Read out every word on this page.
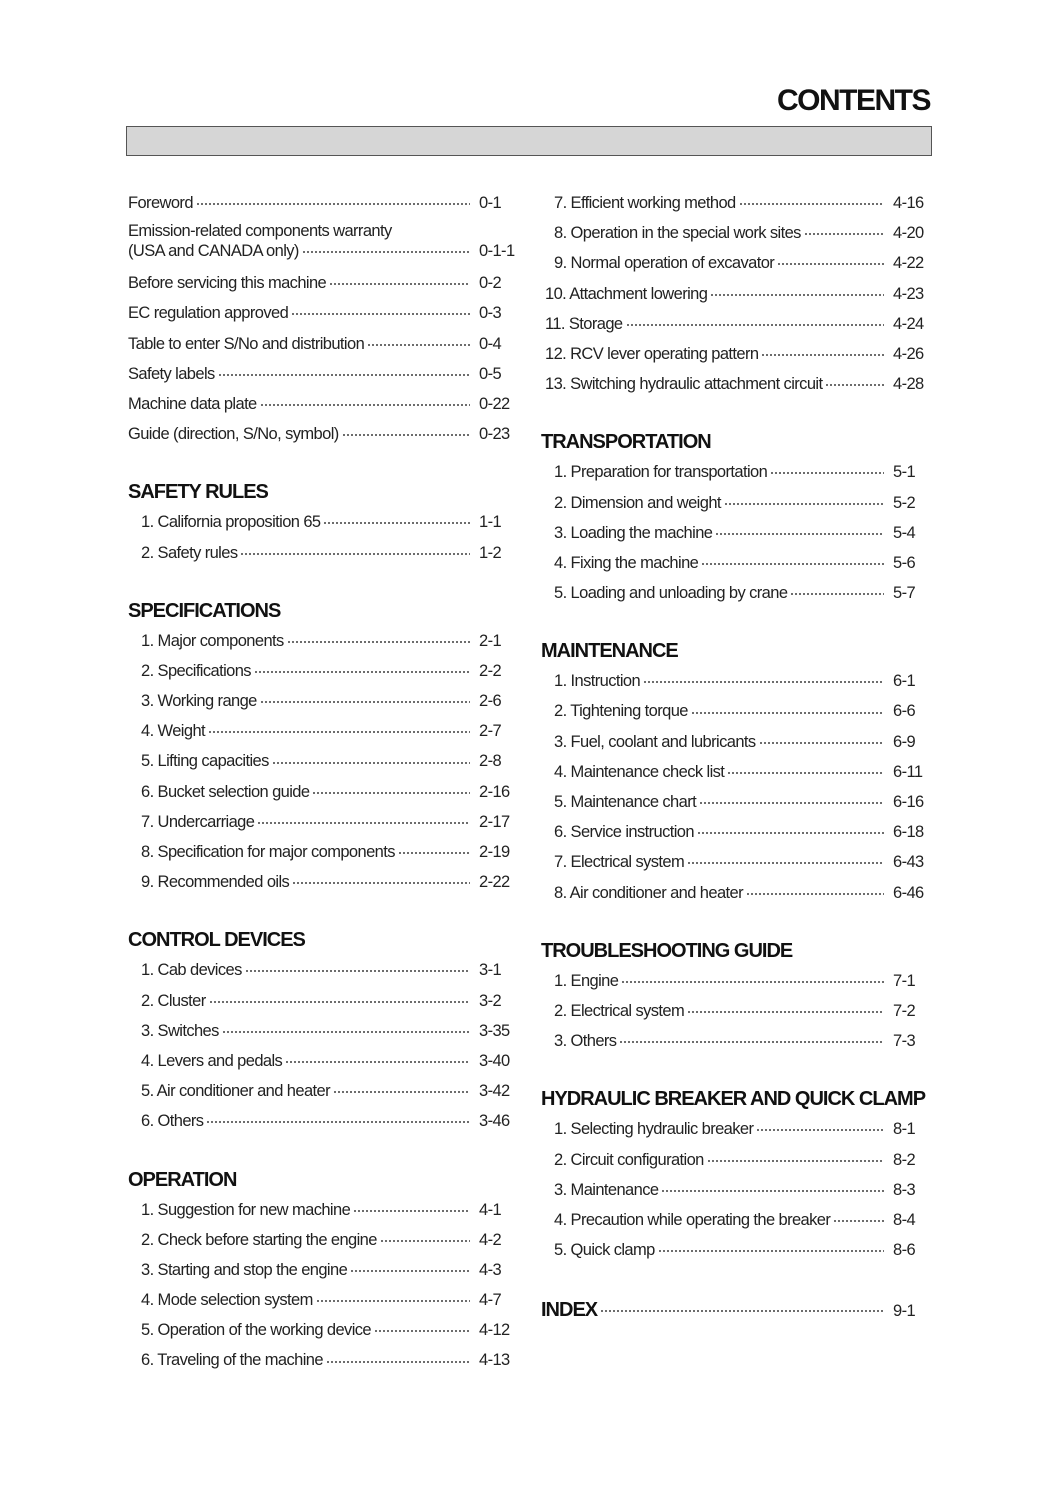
CONTENTS
Foreword	0-1
Emission-related components warranty
(USA and CANADA only)	0-1-1
Before servicing this machine	0-2
EC regulation approved	0-3
Table to enter S/No and distribution	0-4
Safety labels	0-5
Machine data plate	0-22
Guide (direction, S/No, symbol)	0-23
SAFETY RULES
1. California proposition 65	1-1
2. Safety rules	1-2
SPECIFICATIONS
1. Major components	2-1
2. Specifications	2-2
3. Working range	2-6
4. Weight	2-7
5. Lifting capacities	2-8
6. Bucket selection guide	2-16
7. Undercarriage	2-17
8. Specification for major components	2-19
9. Recommended oils	2-22
CONTROL DEVICES
1. Cab devices	3-1
2. Cluster	3-2
3. Switches	3-35
4. Levers and pedals	3-40
5. Air conditioner and heater	3-42
6. Others	3-46
OPERATION
1. Suggestion for new machine	4-1
2. Check before starting the engine	4-2
3. Starting and stop the engine	4-3
4. Mode selection system	4-7
5. Operation of the working device	4-12
6. Traveling of the machine	4-13
7. Efficient working method	4-16
8. Operation in the special work sites	4-20
9. Normal operation of excavator	4-22
10. Attachment lowering	4-23
11. Storage	4-24
12. RCV lever operating pattern	4-26
13. Switching hydraulic attachment circuit	4-28
TRANSPORTATION
1. Preparation for transportation	5-1
2. Dimension and weight	5-2
3. Loading the machine	5-4
4. Fixing the machine	5-6
5. Loading and unloading by crane	5-7
MAINTENANCE
1. Instruction	6-1
2. Tightening torque	6-6
3. Fuel, coolant and lubricants	6-9
4. Maintenance check list	6-11
5. Maintenance chart	6-16
6. Service instruction	6-18
7. Electrical system	6-43
8. Air conditioner and heater	6-46
TROUBLESHOOTING GUIDE
1. Engine	7-1
2. Electrical system	7-2
3. Others	7-3
HYDRAULIC BREAKER AND QUICK CLAMP
1. Selecting hydraulic breaker	8-1
2. Circuit configuration	8-2
3. Maintenance	8-3
4. Precaution while operating the breaker	8-4
5. Quick clamp	8-6
INDEX	9-1
